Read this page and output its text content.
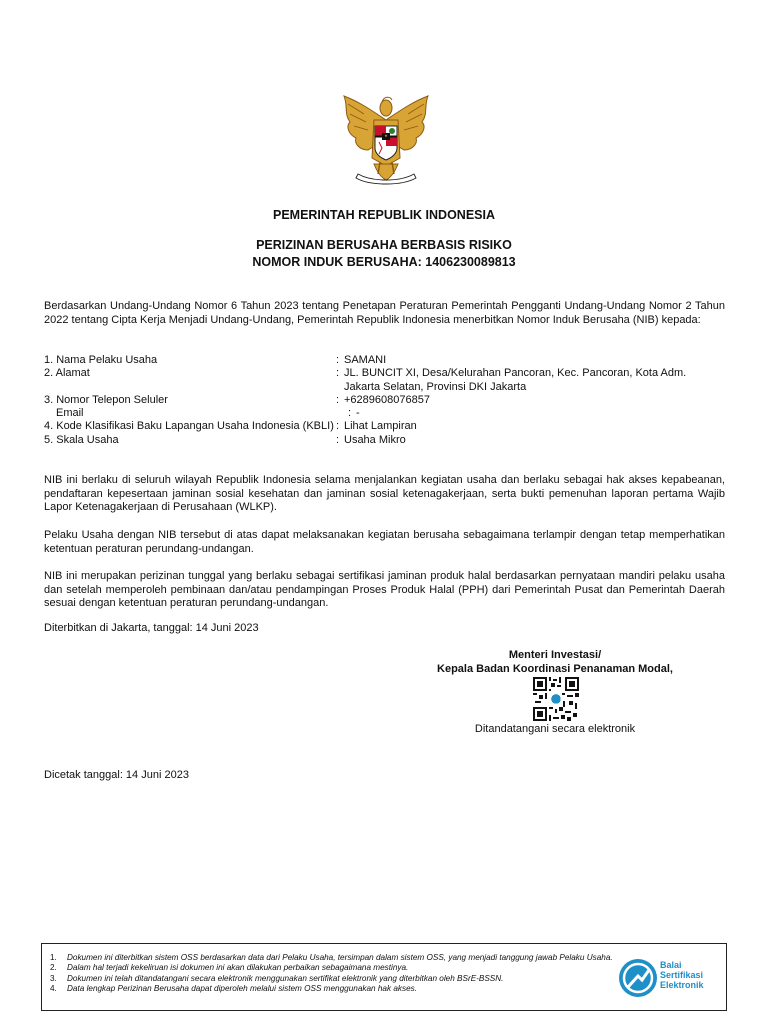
PEMERINTAH REPUBLIK INDONESIA
PERIZINAN BERUSAHA BERBASIS RISIKO
NOMOR INDUK BERUSAHA: 1406230089813
Berdasarkan Undang-Undang Nomor 6 Tahun 2023 tentang Penetapan Peraturan Pemerintah Pengganti Undang-Undang Nomor 2 Tahun 2022 tentang Cipta Kerja Menjadi Undang-Undang, Pemerintah Republik Indonesia menerbitkan Nomor Induk Berusaha (NIB) kepada:
1. Nama Pelaku Usaha	: SAMANI
2. Alamat	: JL. BUNCIT XI, Desa/Kelurahan Pancoran, Kec. Pancoran, Kota Adm. Jakarta Selatan, Provinsi DKI Jakarta
3. Nomor Telepon Seluler	: +6289608076857
Email	: -
4. Kode Klasifikasi Baku Lapangan Usaha Indonesia (KBLI) : Lihat Lampiran
5. Skala Usaha	: Usaha Mikro
NIB ini berlaku di seluruh wilayah Republik Indonesia selama menjalankan kegiatan usaha dan berlaku sebagai hak akses kepabeanan, pendaftaran kepesertaan jaminan sosial kesehatan dan jaminan sosial ketenagakerjaan, serta bukti pemenuhan laporan pertama Wajib Lapor Ketenagakerjaan di Perusahaan (WLKP).
Pelaku Usaha dengan NIB tersebut di atas dapat melaksanakan kegiatan berusaha sebagaimana terlampir dengan tetap memperhatikan ketentuan peraturan perundang-undangan.
NIB ini merupakan perizinan tunggal yang berlaku sebagai sertifikasi jaminan produk halal berdasarkan pernyataan mandiri pelaku usaha dan setelah memperoleh pembinaan dan/atau pendampingan Proses Produk Halal (PPH) dari Pemerintah Pusat dan Pemerintah Daerah sesuai dengan ketentuan peraturan perundang-undangan.
Diterbitkan di Jakarta, tanggal: 14 Juni 2023
Menteri Investasi/
Kepala Badan Koordinasi Penanaman Modal,
Ditandatangani secara elektronik
Dicetak tanggal: 14 Juni 2023
1.	Dokumen ini diterbitkan sistem OSS berdasarkan data dari Pelaku Usaha, tersimpan dalam sistem OSS, yang menjadi tanggung jawab Pelaku Usaha.
2.	Dalam hal terjadi kekeliruan isi dokumen ini akan dilakukan perbaikan sebagaimana mestinya.
3.	Dokumen ini telah ditandatangani secara elektronik menggunakan sertifikat elektronik yang diterbitkan oleh BSrE-BSSN.
4.	Data lengkap Perizinan Berusaha dapat diperoleh melalui sistem OSS menggunakan hak akses.
Balai
Sertifikasi
Elektronik
